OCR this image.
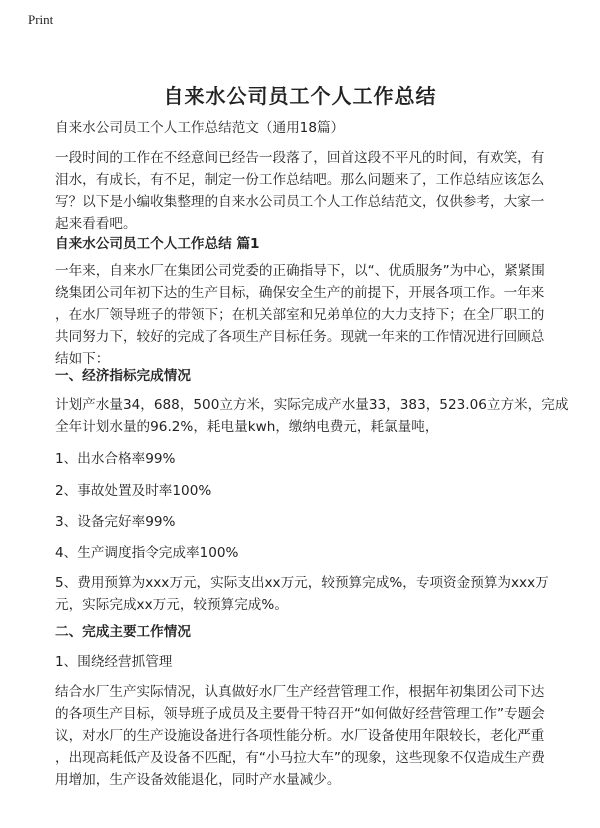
Print
自来水公司员工个人工作总结
自来水公司员工个人工作总结范文（通用18篇）
一段时间的工作在不经意间已经告一段落了，回首这段不平凡的时间，有欢笑，有
泪水，有成长，有不足，制定一份工作总结吧。那么问题来了，工作总结应该怎么
写？以下是小编收集整理的自来水公司员工个人工作总结范文，仅供参考，大家一
起来看看吧。
自来水公司员工个人工作总结 篇1
一年来，自来水厂在集团公司党委的正确指导下，以“、优质服务”为中心，紧紧围
绕集团公司年初下达的生产目标，确保安全生产的前提下，开展各项工作。一年来
，在水厂领导班子的带领下；在机关部室和兄弟单位的大力支持下；在全厂职工的
共同努力下，较好的完成了各项生产目标任务。现就一年来的工作情况进行回顾总
结如下：
一、经济指标完成情况
计划产水量34，688，500立方米，实际完成产水量33，383，523.06立方米，完成
全年计划水量的96.2%，耗电量kwh，缴纳电费元，耗氯量吨，
1、出水合格率99%
2、事故处置及时率100%
3、设备完好率99%
4、生产调度指令完成率100%
5、费用预算为xxx万元，实际支出xx万元，较预算完成%，专项资金预算为xxx万
元，实际完成xx万元，较预算完成%。
二、完成主要工作情况
1、围绕经营抓管理
结合水厂生产实际情况，认真做好水厂生产经营管理工作，根据年初集团公司下达
的各项生产目标，领导班子成员及主要骨干特召开“如何做好经营管理工作”专题会
议，对水厂的生产设施设备进行各项性能分析。水厂设备使用年限较长，老化严重
，出现高耗低产及设备不匹配，有“小马拉大车”的现象，这些现象不仅造成生产费
用增加，生产设备效能退化，同时产水量减少。
